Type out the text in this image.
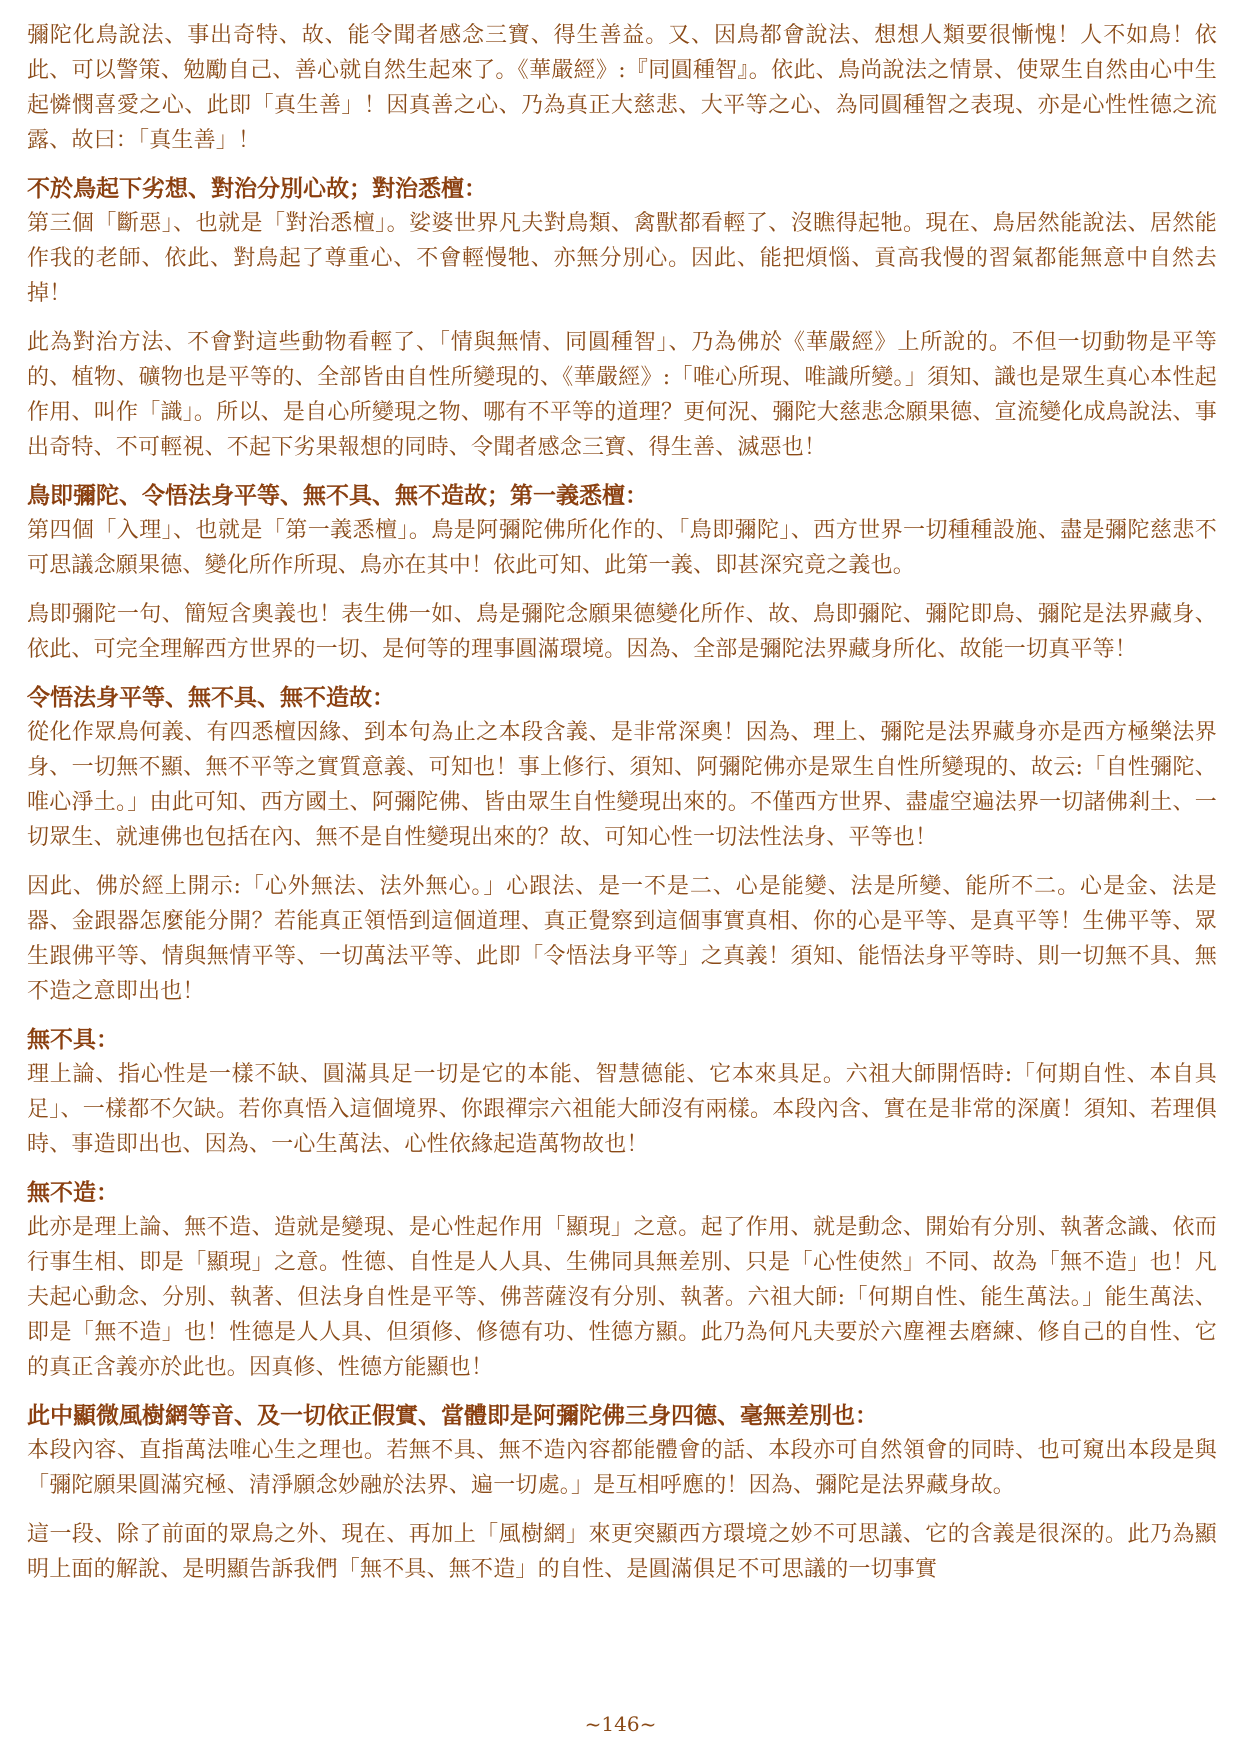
彌陀化鳥說法、事出奇特、故、能令聞者感念三寶、得生善益。又、因鳥都會說法、想想人類要很慚愧！人不如鳥！依此、可以警策、勉勵自己、善心就自然生起來了。《華嚴經》:『同圓種智』。依此、鳥尚說法之情景、使眾生自然由心中生起憐憫喜愛之心、此即「真生善」！因真善之心、乃為真正大慈悲、大平等之心、為同圓種智之表現、亦是心性性德之流露、故曰：「真生善」！

不於鳥起下劣想、對治分別心故；對治悉檀：

第三個「斷惡」、也就是「對治悉檀」。娑婆世界凡夫對鳥類、禽獸都看輕了、沒瞧得起牠。現在、鳥居然能說法、居然能作我的老師、依此、對鳥起了尊重心、不會輕慢牠、亦無分別心。因此、能把煩惱、貢高我慢的習氣都能無意中自然去掉！

此為對治方法、不會對這些動物看輕了、「情與無情、同圓種智」、乃為佛於《華嚴經》上所說的。不但一切動物是平等的、植物、礦物也是平等的、全部皆由自性所變現的、《華嚴經》:「唯心所現、唯識所變。」須知、識也是眾生真心本性起作用、叫作「識」。所以、是自心所變現之物、哪有不平等的道理？更何況、彌陀大慈悲念願果德、宣流變化成鳥說法、事出奇特、不可輕視、不起下劣果報想的同時、令聞者感念三寶、得生善、滅惡也！

鳥即彌陀、令悟法身平等、無不具、無不造故；第一義悉檀：

第四個「入理」、也就是「第一義悉檀」。鳥是阿彌陀佛所化作的、「鳥即彌陀」、西方世界一切種種設施、盡是彌陀慈悲不可思議念願果德、變化所作所現、鳥亦在其中！依此可知、此第一義、即甚深究竟之義也。

鳥即彌陀一句、簡短含奧義也！表生佛一如、鳥是彌陀念願果德變化所作、故、鳥即彌陀、彌陀即鳥、彌陀是法界藏身、依此、可完全理解西方世界的一切、是何等的理事圓滿環境。因為、全部是彌陀法界藏身所化、故能一切真平等！

令悟法身平等、無不具、無不造故：

從化作眾鳥何義、有四悉檀因緣、到本句為止之本段含義、是非常深奧！因為、理上、彌陀是法界藏身亦是西方極樂法界身、一切無不顯、無不平等之實質意義、可知也！事上修行、須知、阿彌陀佛亦是眾生自性所變現的、故云:「自性彌陀、唯心淨土。」由此可知、西方國土、阿彌陀佛、皆由眾生自性變現出來的。不僅西方世界、盡虛空遍法界一切諸佛剎土、一切眾生、就連佛也包括在內、無不是自性變現出來的？故、可知心性一切法性法身、平等也！

因此、佛於經上開示:「心外無法、法外無心。」心跟法、是一不是二、心是能變、法是所變、能所不二。心是金、法是器、金跟器怎麼能分開？若能真正領悟到這個道理、真正覺察到這個事實真相、你的心是平等、是真平等！生佛平等、眾生跟佛平等、情與無情平等、一切萬法平等、此即「令悟法身平等」之真義！須知、能悟法身平等時、則一切無不具、無不造之意即出也！

無不具：

理上論、指心性是一樣不缺、圓滿具足一切是它的本能、智慧德能、它本來具足。六祖大師開悟時:「何期自性、本自具足」、一樣都不欠缺。若你真悟入這個境界、你跟禪宗六祖能大師沒有兩樣。本段內含、實在是非常的深廣！須知、若理俱時、事造即出也、因為、一心生萬法、心性依緣起造萬物故也！

無不造：

此亦是理上論、無不造、造就是變現、是心性起作用「顯現」之意。起了作用、就是動念、開始有分別、執著念識、依而行事生相、即是「顯現」之意。性德、自性是人人具、生佛同具無差別、只是「心性使然」不同、故為「無不造」也！凡夫起心動念、分別、執著、但法身自性是平等、佛菩薩沒有分別、執著。六祖大師:「何期自性、能生萬法。」能生萬法、即是「無不造」也！性德是人人具、但須修、修德有功、性德方顯。此乃為何凡夫要於六塵裡去磨練、修自己的自性、它的真正含義亦於此也。因真修、性德方能顯也！

此中顯微風樹網等音、及一切依正假實、當體即是阿彌陀佛三身四德、毫無差別也：

本段內容、直指萬法唯心生之理也。若無不具、無不造內容都能體會的話、本段亦可自然領會的同時、也可窺出本段是與「彌陀願果圓滿究極、清淨願念妙融於法界、遍一切處。」是互相呼應的！因為、彌陀是法界藏身故。

這一段、除了前面的眾鳥之外、現在、再加上「風樹網」來更突顯西方環境之妙不可思議、它的含義是很深的。此乃為顯明上面的解說、是明顯告訴我們「無不具、無不造」的自性、是圓滿俱足不可思議的一切事實

~146~
